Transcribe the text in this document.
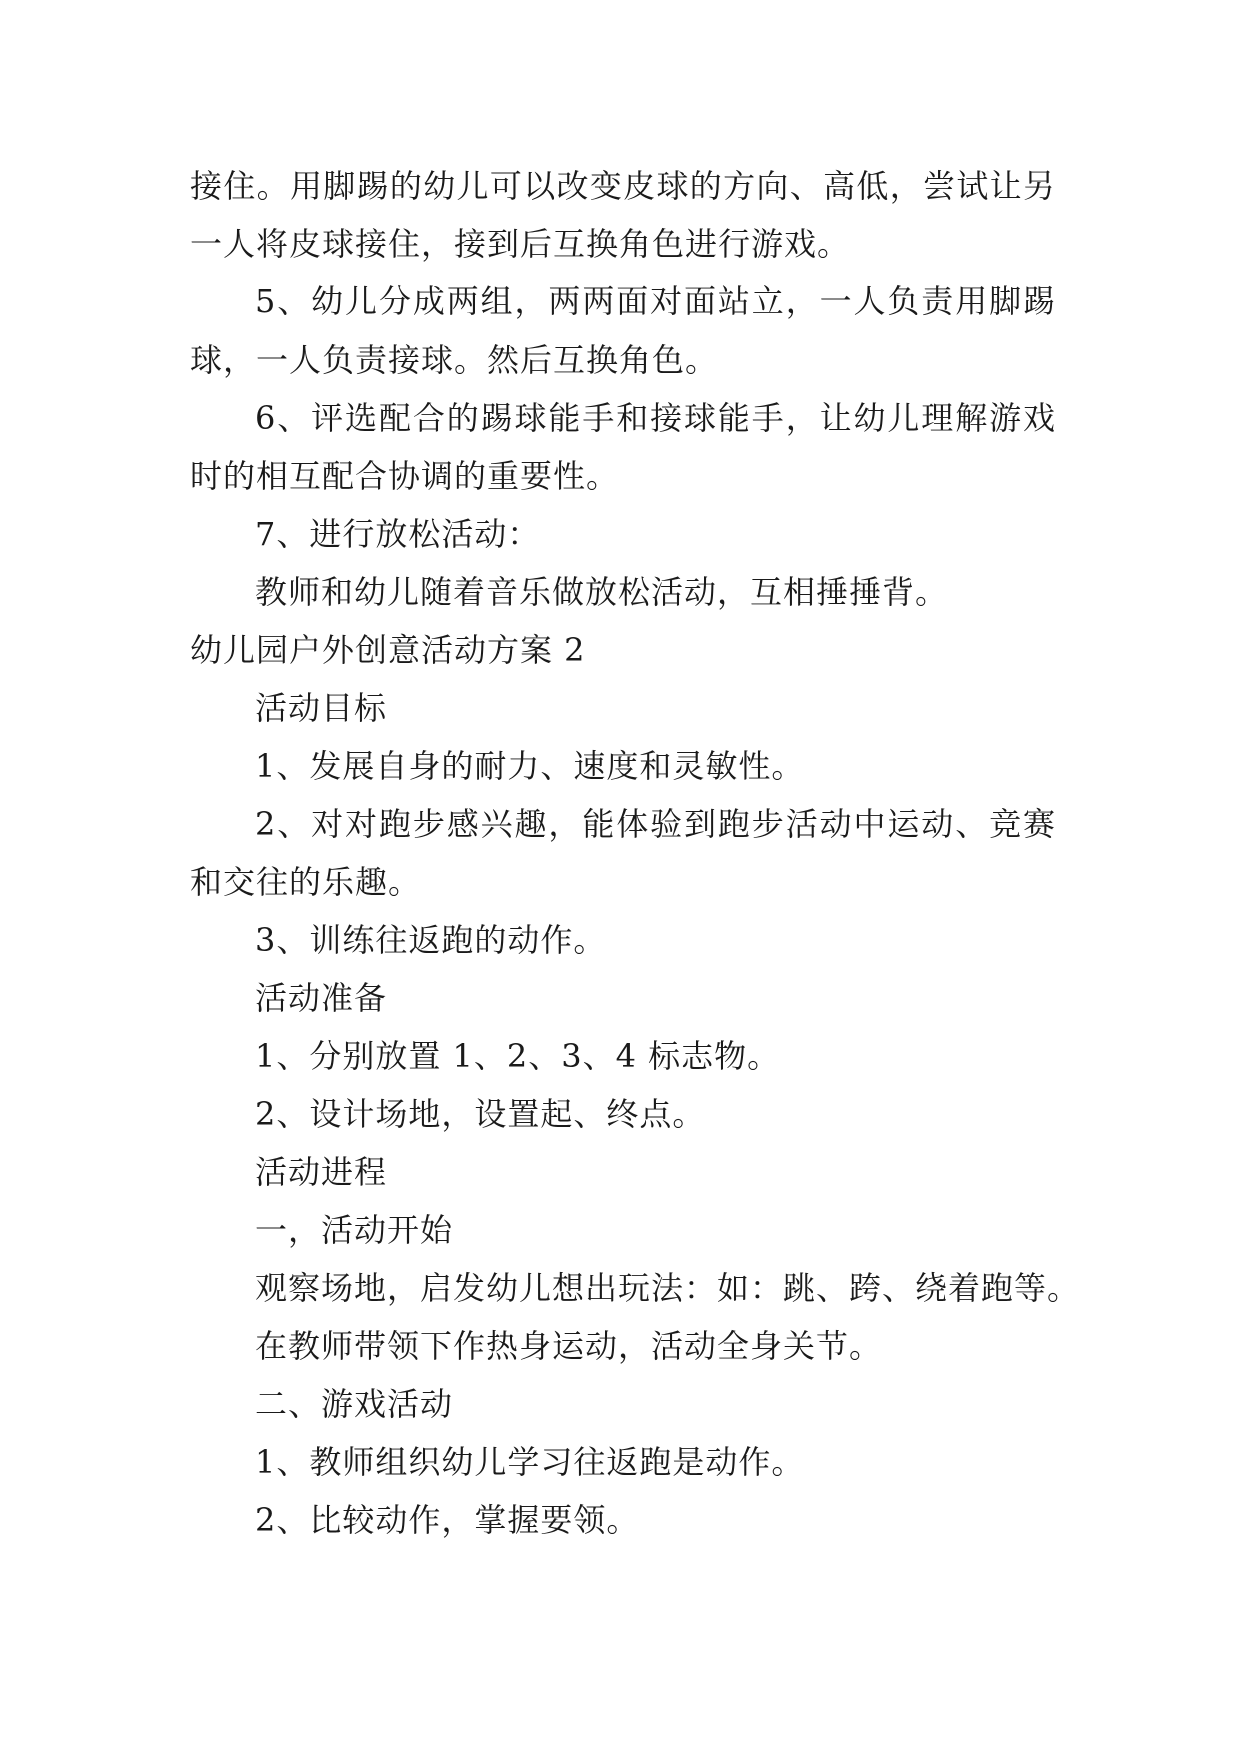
接住。用脚踢的幼儿可以改变皮球的方向、高低，尝试让另
一人将皮球接住，接到后互换角色进行游戏。
5、幼儿分成两组，两两面对面站立，一人负责用脚踢
球，一人负责接球。然后互换角色。
6、评选配合的踢球能手和接球能手，让幼儿理解游戏
时的相互配合协调的重要性。
7、进行放松活动：
教师和幼儿随着音乐做放松活动，互相捶捶背。
幼儿园户外创意活动方案 2
活动目标
1、发展自身的耐力、速度和灵敏性。
2、对对跑步感兴趣，能体验到跑步活动中运动、竞赛
和交往的乐趣。
3、训练往返跑的动作。
活动准备
1、分别放置 1、2、3、4 标志物。
2、设计场地，设置起、终点。
活动进程
一，活动开始
观察场地，启发幼儿想出玩法：如：跳、跨、绕着跑等。
在教师带领下作热身运动，活动全身关节。
二、游戏活动
1、教师组织幼儿学习往返跑是动作。
2、比较动作，掌握要领。
